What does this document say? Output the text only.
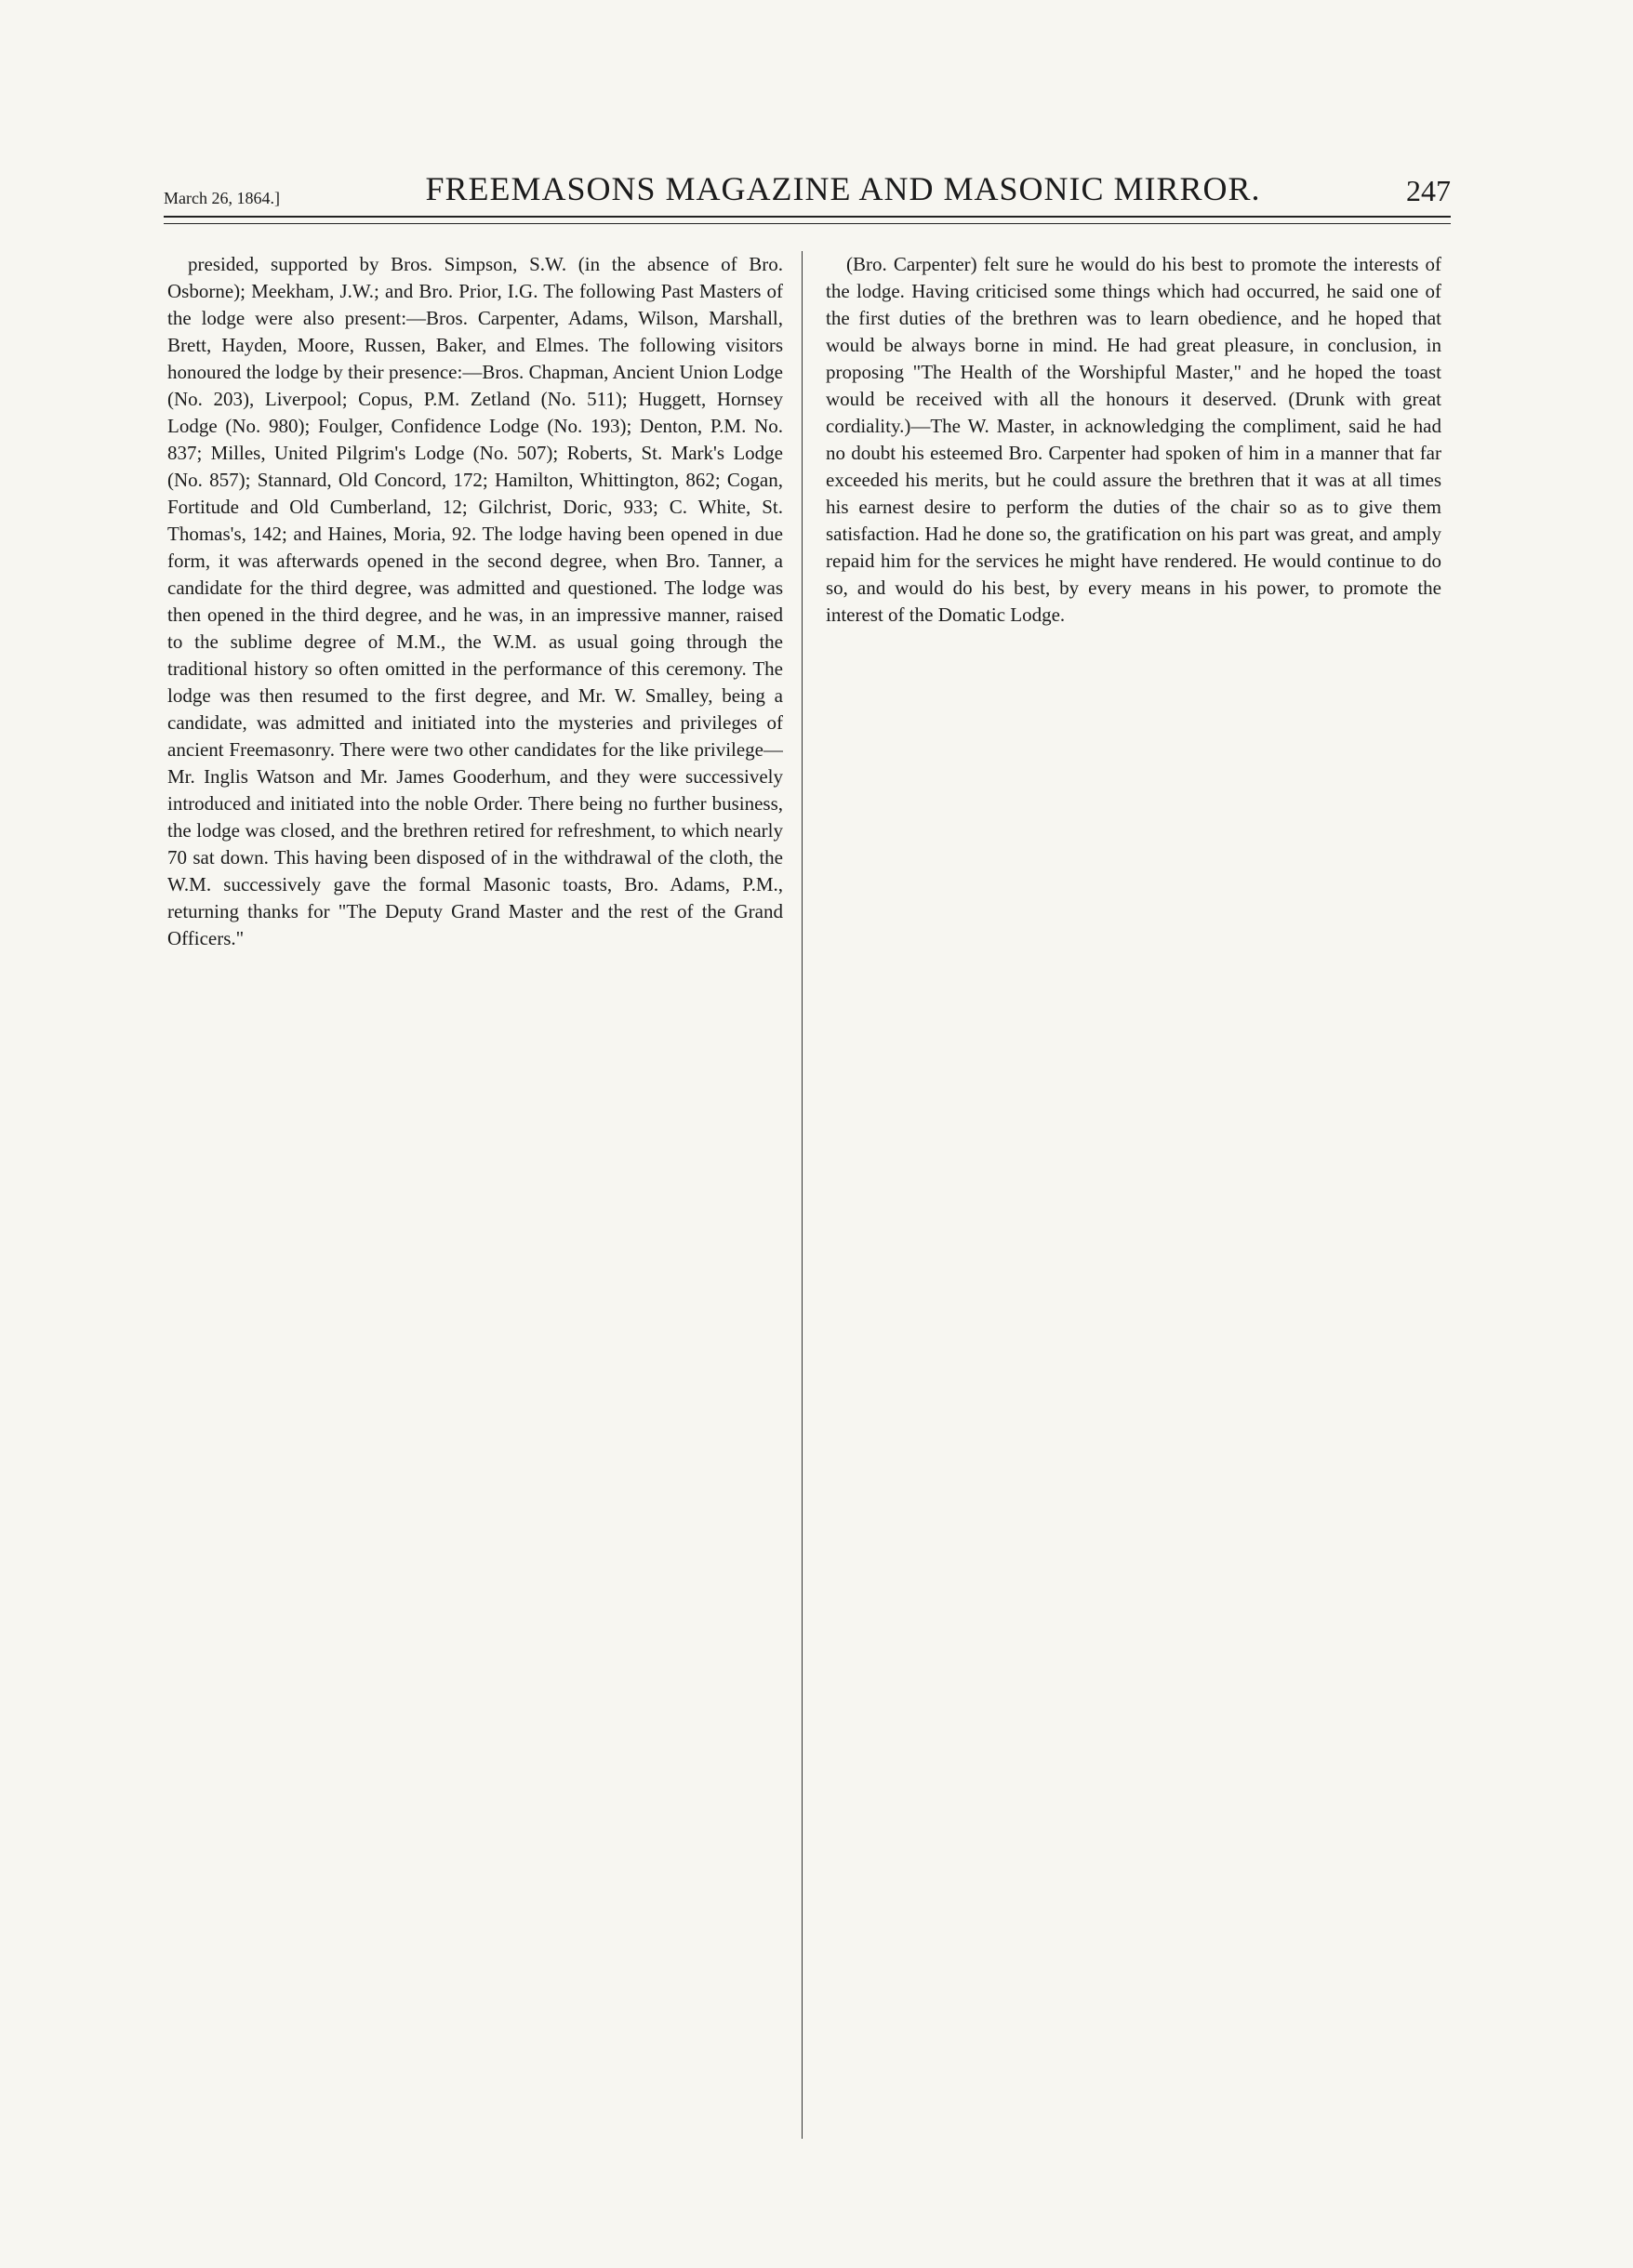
March 26, 1864.]	FREEMASONS MAGAZINE AND MASONIC MIRROR.	247

presided, supported by Bros. Simpson, S.W. (in the absence of Bro. Osborne); Meekham, J.W.; and Bro. Prior, I.G. The following Past Masters of the lodge were also present:—Bros. Carpenter, Adams, Wilson, Marshall, Brett, Hayden, Moore, Russen, Baker, and Elmes. The following visitors honoured the lodge by their presence:—Bros. Chapman, Ancient Union Lodge (No. 203), Liverpool; Copus, P.M. Zetland (No. 511); Huggett, Hornsey Lodge (No. 980); Foulger, Confidence Lodge (No. 193); Denton, P.M. No. 837; Milles, United Pilgrim's Lodge (No. 507); Roberts, St. Mark's Lodge (No. 857); Stannard, Old Concord, 172; Hamilton, Whittington, 862; Cogan, Fortitude and Old Cumberland, 12; Gilchrist, Doric, 933; C. White, St. Thomas's, 142; and Haines, Moria, 92. The lodge having been opened in due form, it was afterwards opened in the second degree, when Bro. Tanner, a candidate for the third degree, was admitted and questioned. The lodge was then opened in the third degree, and he was, in an impressive manner, raised to the sublime degree of M.M., the W.M. as usual going through the traditional history so often omitted in the performance of this ceremony. The lodge was then resumed to the first degree, and Mr. W. Smalley, being a candidate, was admitted and initiated into the mysteries and privileges of ancient Freemasonry. There were two other candidates for the like privilege—Mr. Inglis Watson and Mr. James Gooderhum, and they were successively introduced and initiated into the noble Order. There being no further business, the lodge was closed, and the brethren retired for refreshment, to which nearly 70 sat down. This having been disposed of in the withdrawal of the cloth, the W.M. successively gave the formal Masonic toasts, Bro. Adams, P.M., returning thanks for "The Deputy Grand Master and the rest of the Grand Officers."

(Bro. Carpenter) felt sure he would do his best to promote the interests of the lodge. Having criticised some things which had occurred, he said one of the first duties of the brethren was to learn obedience, and he hoped that would be always borne in mind. He had great pleasure, in conclusion, in proposing "The Health of the Worshipful Master," and he hoped the toast would be received with all the honours it deserved. (Drunk with great cordiality.)—The W. Master, in acknowledging the compliment, said he had no doubt his esteemed Bro. Carpenter had spoken of him in a manner that far exceeded his merits, but he could assure the brethren that it was at all times his earnest desire to perform the duties of the chair so as to give them satisfaction. Had he done so, the gratification on his part was great, and amply repaid him for the services he might have rendered. He would continue to do so, and would do his best, by every means in his power, to promote the interest of the Domatic Lodge.
